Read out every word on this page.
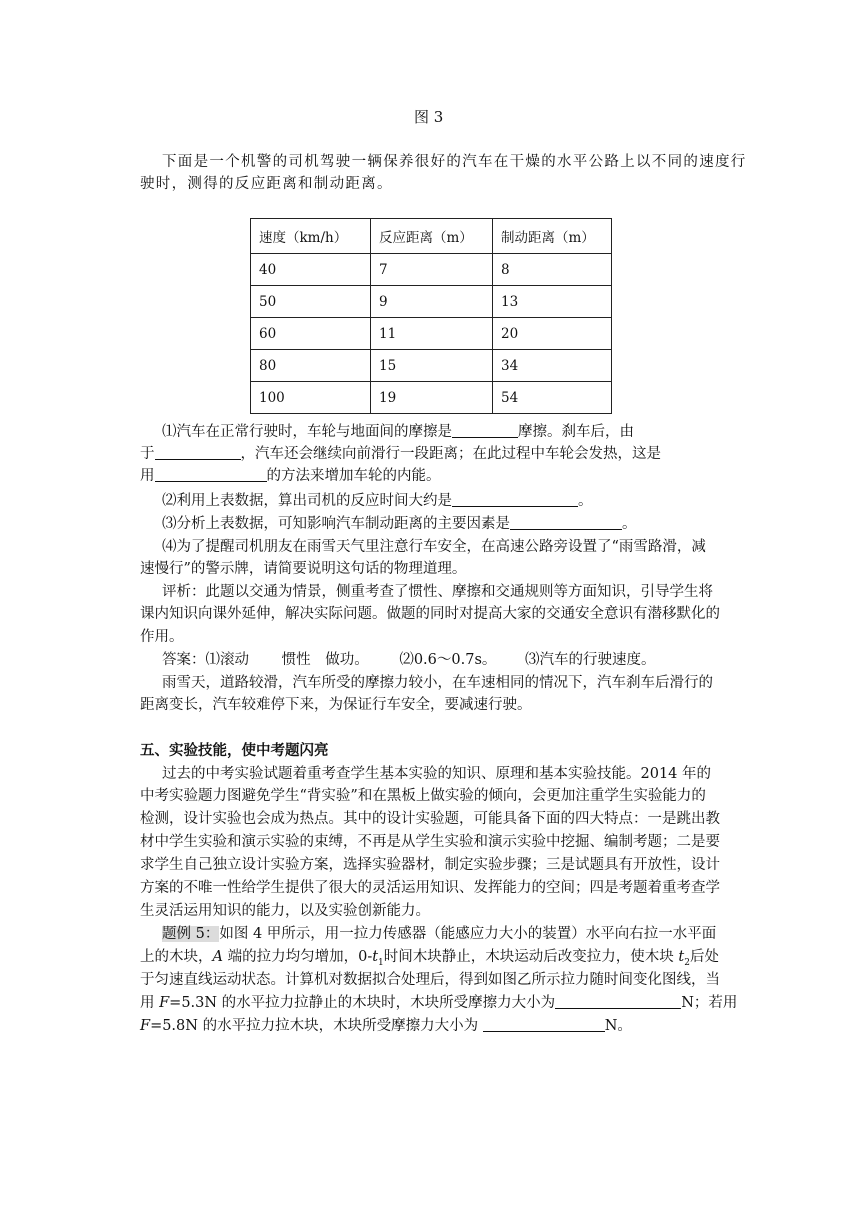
图 3
下面是一个机警的司机驾驶一辆保养很好的汽车在干燥的水平公路上以不同的速度行
驶时，测得的反应距离和制动距离。
速度（km/h）	反应距离（m）	制动距离（m）
40	7	8
50	9	13
60	11	20
80	15	34
100	19	54
⑴汽车在正常行驶时，车轮与地面间的摩擦是	摩擦。刹车后，由
于	，汽车还会继续向前滑行一段距离；在此过程中车轮会发热，这是
用	的方法来增加车轮的内能。
⑵利用上表数据，算出司机的反应时间大约是	。
⑶分析上表数据，可知影响汽车制动距离的主要因素是	。
⑷为了提醒司机朋友在雨雪天气里注意行车安全，在高速公路旁设置了“雨雪路滑，减
速慢行”的警示牌，请简要说明这句话的物理道理。
评析：此题以交通为情景，侧重考查了惯性、摩擦和交通规则等方面知识，引导学生将
课内知识向课外延伸，解决实际问题。做题的同时对提高大家的交通安全意识有潜移默化的
作用。
答案：⑴滚动 惯性 做功。 ⑵0.6～0.7s。 ⑶汽车的行驶速度。
雨雪天，道路较滑，汽车所受的摩擦力较小，在车速相同的情况下，汽车刹车后滑行的
距离变长，汽车较难停下来，为保证行车安全，要减速行驶。
五、实验技能，使中考题闪亮
过去的中考实验试题着重考查学生基本实验的知识、原理和基本实验技能。2014 年的
中考实验题力图避免学生“背实验”和在黑板上做实验的倾向，会更加注重学生实验能力的
检测，设计实验也会成为热点。其中的设计实验题，可能具备下面的四大特点：一是跳出教
材中学生实验和演示实验的束缚，不再是从学生实验和演示实验中挖掘、编制考题；二是要
求学生自己独立设计实验方案，选择实验器材，制定实验步骤；三是试题具有开放性，设计
方案的不唯一性给学生提供了很大的灵活运用知识、发挥能力的空间；四是考题着重考查学
生灵活运用知识的能力，以及实验创新能力。
题例 5：如图 4 甲所示，用一拉力传感器（能感应力大小的装置）水平向右拉一水平面
上的木块，A 端的拉力均匀增加，$0-t_1$时间木块静止，木块运动后改变拉力，使木块 $t_2$后处
于匀速直线运动状态。计算机对数据拟合处理后，得到如图乙所示拉力随时间变化图线，当
用 F=5.3N 的水平拉力拉静止的木块时，木块所受摩擦力大小为	N；若用
F=5.8N 的水平拉力拉木块，木块所受摩擦力大小为	N。
